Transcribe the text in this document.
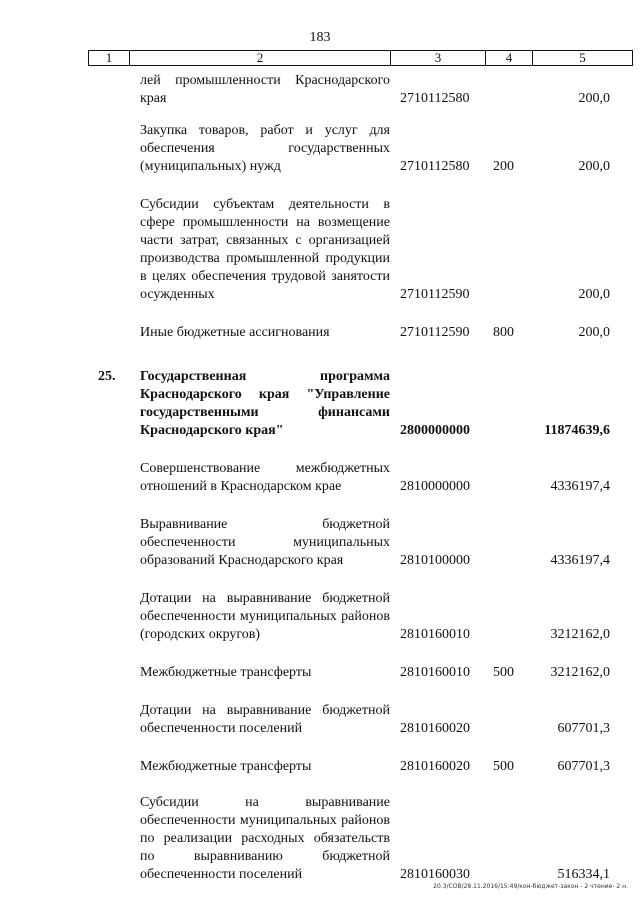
183
1	2	3	4	5
лей промышленности Краснодарского края	2710112580	200,0
Закупка товаров, работ и услуг для обеспечения государственных (муниципальных) нужд	2710112580 200	200,0
Субсидии субъектам деятельности в сфере промышленности на возмещение части затрат, связанных с организацией производства промышленной продукции в целях обеспечения трудовой занятости осужденных	2710112590	200,0
Иные бюджетные ассигнования	2710112590 800	200,0
25. Государственная программа Краснодарского края "Управление государственными финансами Краснодарского края"	2800000000	11874639,6
Совершенствование межбюджетных отношений в Краснодарском крае	2810000000	4336197,4
Выравнивание бюджетной обеспеченности муниципальных образований Краснодарского края	2810100000	4336197,4
Дотации на выравнивание бюджетной обеспеченности муниципальных районов (городских округов)	2810160010	3212162,0
Межбюджетные трансферты	2810160010 500	3212162,0
Дотации на выравнивание бюджетной обеспеченности поселений	2810160020	607701,3
Межбюджетные трансферты	2810160020 500	607701,3
Субсидии на выравнивание обеспеченности муниципальных районов по реализации расходных обязательств по выравниванию бюджетной обеспеченности поселений	2810160030	516334,1
20.3/СОВ/28.11.2016/15:49/кон-бюджет-закон - 2 чтение- 2 н.
